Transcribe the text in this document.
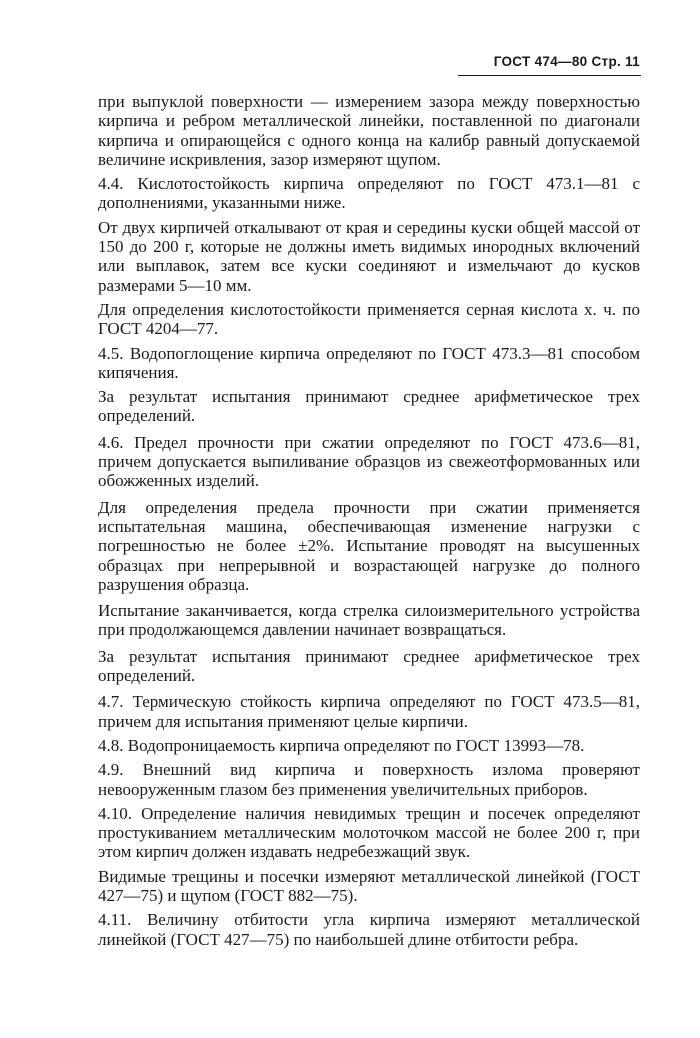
ГОСТ 474—80 Стр. 11

при выпуклой поверхности — измерением зазора между поверхностью кирпича и ребром металлической линейки, поставленной по диагонали кирпича и опирающейся с одного конца на калибр равный допускаемой величине искривления, зазор измеряют щупом.

4.4. Кислотостойкость кирпича определяют по ГОСТ 473.1—81 с дополнениями, указанными ниже.

От двух кирпичей откалывают от края и середины куски общей массой от 150 до 200 г, которые не должны иметь видимых инородных включений или выплавок, затем все куски соединяют и измельчают до кусков размерами 5—10 мм.

Для определения кислотостойкости применяется серная кислота х. ч. по ГОСТ 4204—77.

4.5. Водопоглощение кирпича определяют по ГОСТ 473.3—81 способом кипячения.

За результат испытания принимают среднее арифметическое трех определений.

4.6. Предел прочности при сжатии определяют по ГОСТ 473.6—81, причем допускается выпиливание образцов из свежеотформованных или обожженных изделий.

Для определения предела прочности при сжатии применяется испытательная машина, обеспечивающая изменение нагрузки с погрешностью не более ±2%. Испытание проводят на высушенных образцах при непрерывной и возрастающей нагрузке до полного разрушения образца.

Испытание заканчивается, когда стрелка силоизмерительного устройства при продолжающемся давлении начинает возвращаться.

За результат испытания принимают среднее арифметическое трех определений.

4.7. Термическую стойкость кирпича определяют по ГОСТ 473.5—81, причем для испытания применяют целые кирпичи.

4.8. Водопроницаемость кирпича определяют по ГОСТ 13993—78.

4.9. Внешний вид кирпича и поверхность излома проверяют невооруженным глазом без применения увеличительных приборов.

4.10. Определение наличия невидимых трещин и посечек определяют простукиванием металлическим молоточком массой не более 200 г, при этом кирпич должен издавать недребезжащий звук.

Видимые трещины и посечки измеряют металлической линейкой (ГОСТ 427—75) и щупом (ГОСТ 882—75).

4.11. Величину отбитости угла кирпича измеряют металлической линейкой (ГОСТ 427—75) по наибольшей длине отбитости ребра.
